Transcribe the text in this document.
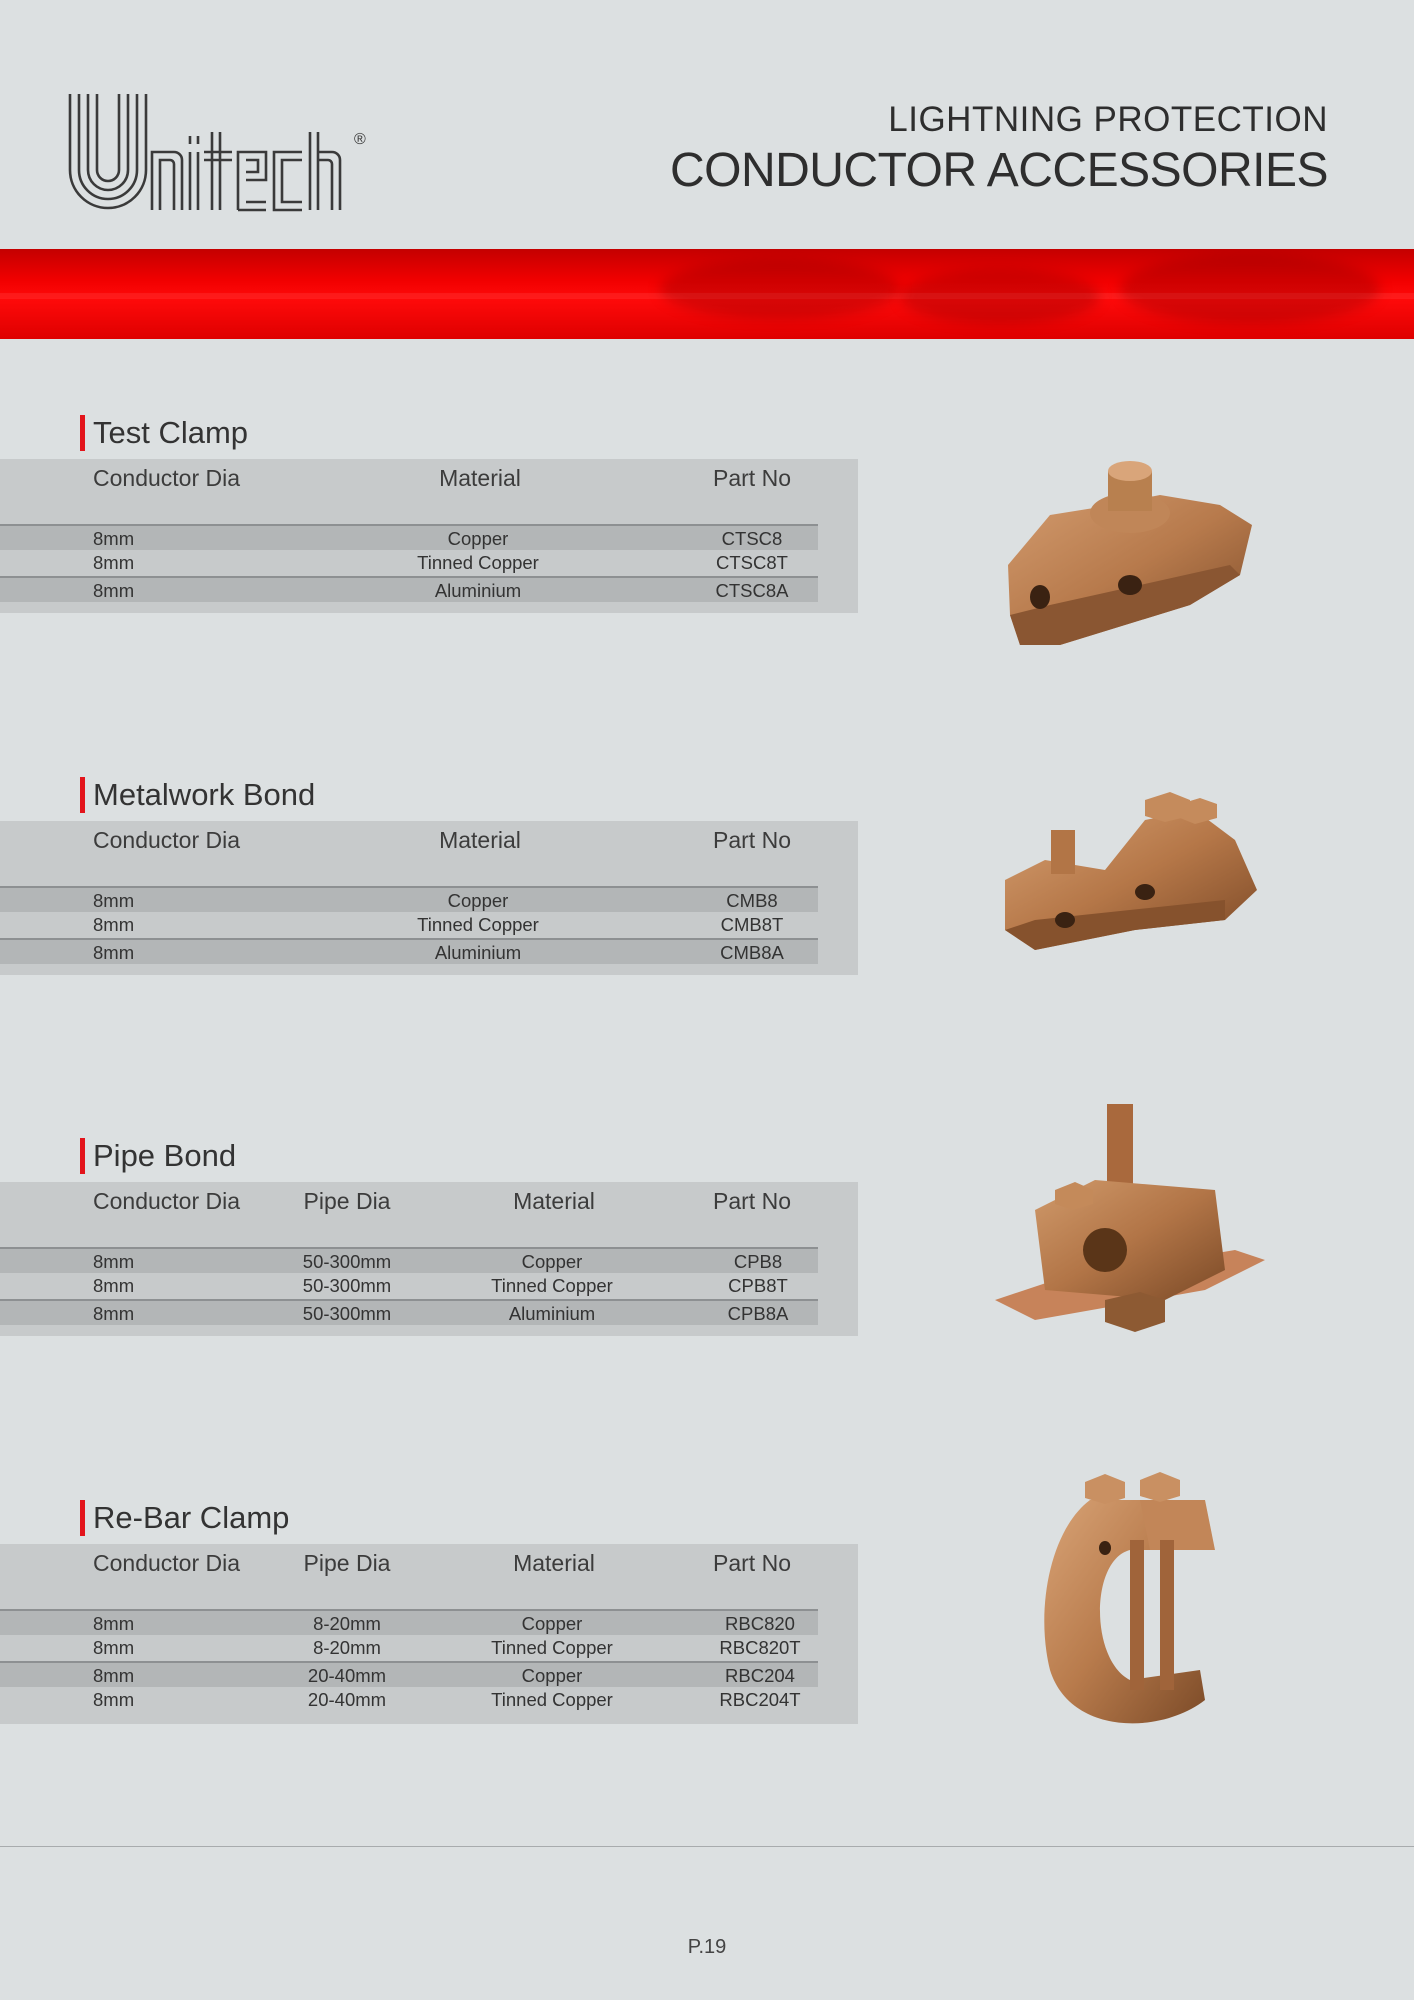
®
LIGHTNING PROTECTION
CONDUCTOR ACCESSORIES
Test Clamp
Conductor Dia	Material	Part No
8mm	Copper	CTSC8
8mm	Tinned Copper	CTSC8T
8mm	Aluminium	CTSC8A
Metalwork Bond
Conductor Dia	Material	Part No
8mm	Copper	CMB8
8mm	Tinned Copper	CMB8T
8mm	Aluminium	CMB8A
Pipe Bond
Conductor Dia	Pipe Dia	Material	Part No
8mm	50-300mm	Copper	CPB8
8mm	50-300mm	Tinned Copper	CPB8T
8mm	50-300mm	Aluminium	CPB8A
Re-Bar Clamp
Conductor Dia	Pipe Dia	Material	Part No
8mm	8-20mm	Copper	RBC820
8mm	8-20mm	Tinned Copper	RBC820T
8mm	20-40mm	Copper	RBC204
8mm	20-40mm	Tinned Copper	RBC204T
P.19
